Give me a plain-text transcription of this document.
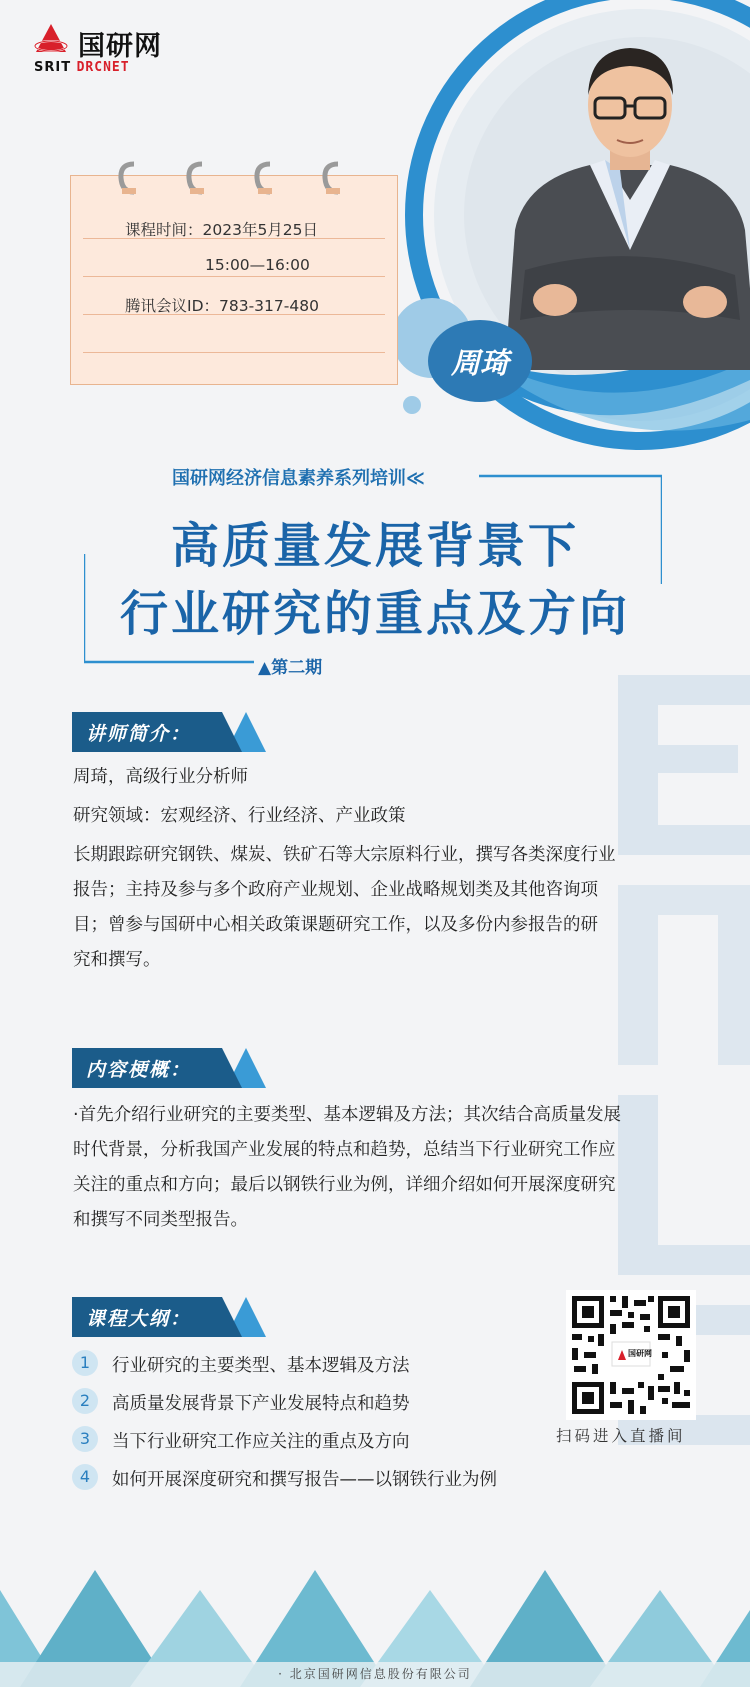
周琦
国研网
SRIT DRCNET
课程时间：2023年5月25日
15:00—16:00
腾讯会议ID：783-317-480
国研网经济信息素养系列培训≪
高质量发展背景下
行业研究的重点及方向
▲第二期
讲师简介：

周琦，高级行业分析师

研究领域：宏观经济、行业经济、产业政策

长期跟踪研究钢铁、煤炭、铁矿石等大宗原料行业，撰写各类深度行业

报告；主持及参与多个政府产业规划、企业战略规划类及其他咨询项

目；曾参与国研中心相关政策课题研究工作，以及多份内参报告的研

究和撰写。

内容梗概：

·首先介绍行业研究的主要类型、基本逻辑及方法；其次结合高质量发展

时代背景，分析我国产业发展的特点和趋势，总结当下行业研究工作应

关注的重点和方向；最后以钢铁行业为例，详细介绍如何开展深度研究

和撰写不同类型报告。

课程大纲：
1	行业研究的主要类型、基本逻辑及方法
2	高质量发展背景下产业发展特点和趋势
3	当下行业研究工作应关注的重点及方向
4	如何开展深度研究和撰写报告——以钢铁行业为例
国研网
扫码进入直播间
· 北京国研网信息股份有限公司
